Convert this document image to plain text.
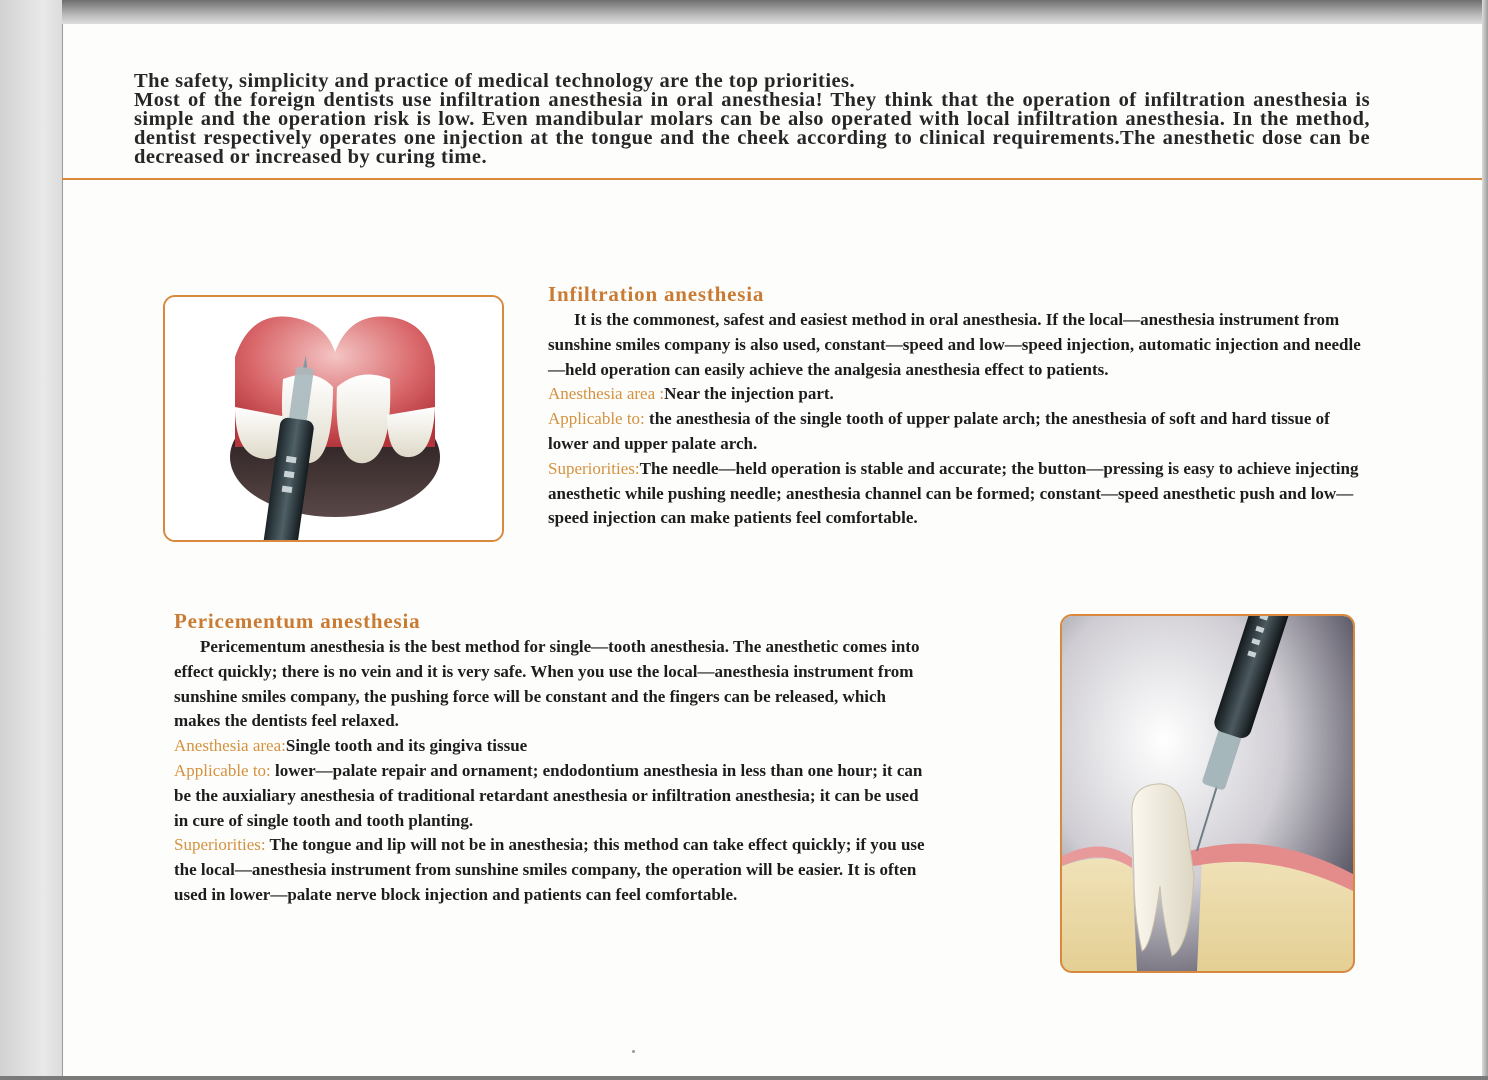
The safety, simplicity and practice of medical technology are the top priorities.

Most of the foreign dentists use infiltration anesthesia in oral anesthesia! They think that the operation of infiltration anesthesia is simple and the operation risk is low. Even mandibular molars can be also operated with local infiltration anesthesia. In the method, dentist respectively operates one injection at the tongue and the cheek according to clinical requirements.The anesthetic dose can be decreased or increased by curing time.

Infiltration anesthesia

It is the commonest, safest and easiest method in oral anesthesia. If the local—anesthesia instrument from sunshine smiles company is also used, constant—speed and low—speed injection, automatic injection and needle—held operation can easily achieve the analgesia anesthesia effect to patients.

Anesthesia area :Near the injection part.

Applicable to: the anesthesia of the single tooth of upper palate arch; the anesthesia of soft and hard tissue of lower and upper palate arch.

Superiorities:The needle—held operation is stable and accurate; the button—pressing is easy to achieve injecting anesthetic while pushing needle; anesthesia channel can be formed; constant—speed anesthetic push and low—speed injection can make patients feel comfortable.

Pericementum anesthesia

Pericementum anesthesia is the best method for single—tooth anesthesia. The anesthetic comes into effect quickly; there is no vein and it is very safe. When you use the local—anesthesia instrument from sunshine smiles company, the pushing force will be constant and the fingers can be released, which makes the dentists feel relaxed.

Anesthesia area:Single tooth and its gingiva tissue

Applicable to: lower—palate repair and ornament; endodontium anesthesia in less than one hour; it can be the auxialiary anesthesia of traditional retardant anesthesia or infiltration anesthesia; it can be used in cure of single tooth and tooth planting.

Superiorities: The tongue and lip will not be in anesthesia; this method can take effect quickly; if you use the local—anesthesia instrument from sunshine smiles company, the operation will be easier. It is often used in lower—palate nerve block injection and patients can feel comfortable.
